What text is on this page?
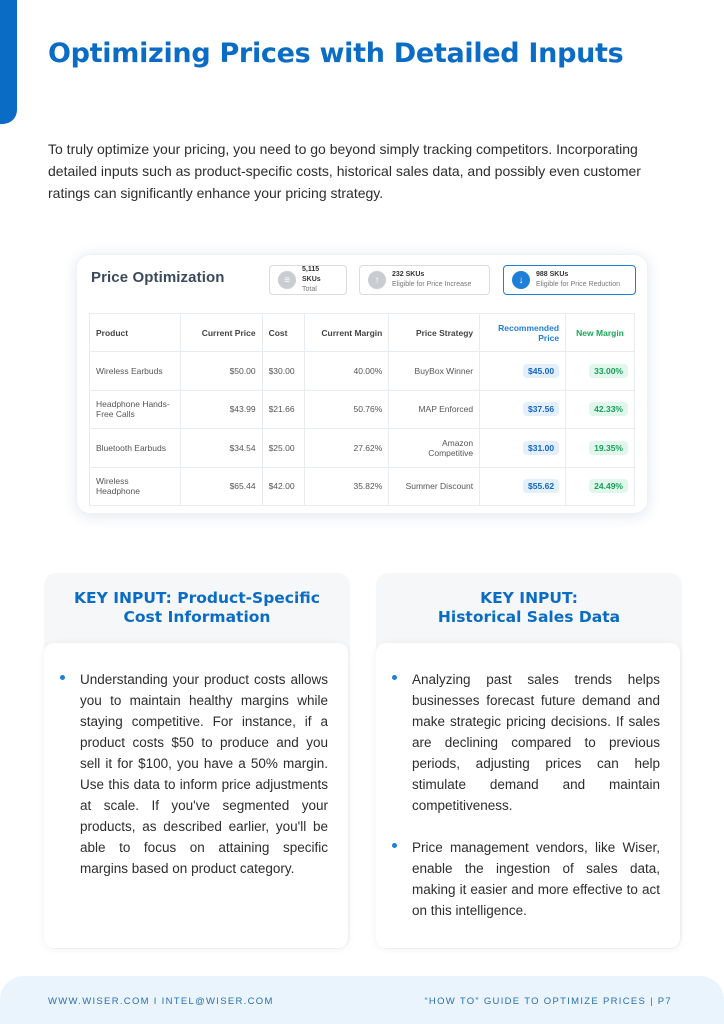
Optimizing Prices with Detailed Inputs

To truly optimize your pricing, you need to go beyond simply tracking competitors. Incorporating detailed inputs such as product-specific costs, historical sales data, and possibly even customer ratings can significantly enhance your pricing strategy.

Price Optimization	≡
5,115 SKUs
Total
↑	232 SKUs
Eligible for Price Increase	↓	988 SKUs
Eligible for Price Reduction
Product	Current Price	Cost	Current Margin	Price Strategy	Recommended Price	New Margin
Wireless Earbuds	$50.00	$30.00	40.00%	BuyBox Winner	$45.00	33.00%
Headphone Hands-Free Calls	$43.99	$21.66	50.76%	MAP Enforced	$37.56	42.33%
Bluetooth Earbuds	$34.54	$25.00	27.62%	Amazon Competitive	$31.00	19.35%
Wireless Headphone	$65.44	$42.00	35.82%	Summer Discount	$55.62	24.49%
KEY INPUT: Product-Specific
Cost Information
Understanding your product costs allows you to maintain healthy margins while staying competitive. For instance, if a product costs $50 to produce and you sell it for $100, you have a 50% margin. Use this data to inform price adjustments at scale. If you've segmented your products, as described earlier, you'll be able to focus on attaining specific margins based on product category.
KEY INPUT:
Historical Sales Data
Analyzing past sales trends helps businesses forecast future demand and make strategic pricing decisions. If sales are declining compared to previous periods, adjusting prices can help stimulate demand and maintain competitiveness.
Price management vendors, like Wiser, enable the ingestion of sales data, making it easier and more effective to act on this intelligence.
WWW.WISER.COM I INTEL@WISER.COM	“HOW TO” GUIDE TO OPTIMIZE PRICES | P7
